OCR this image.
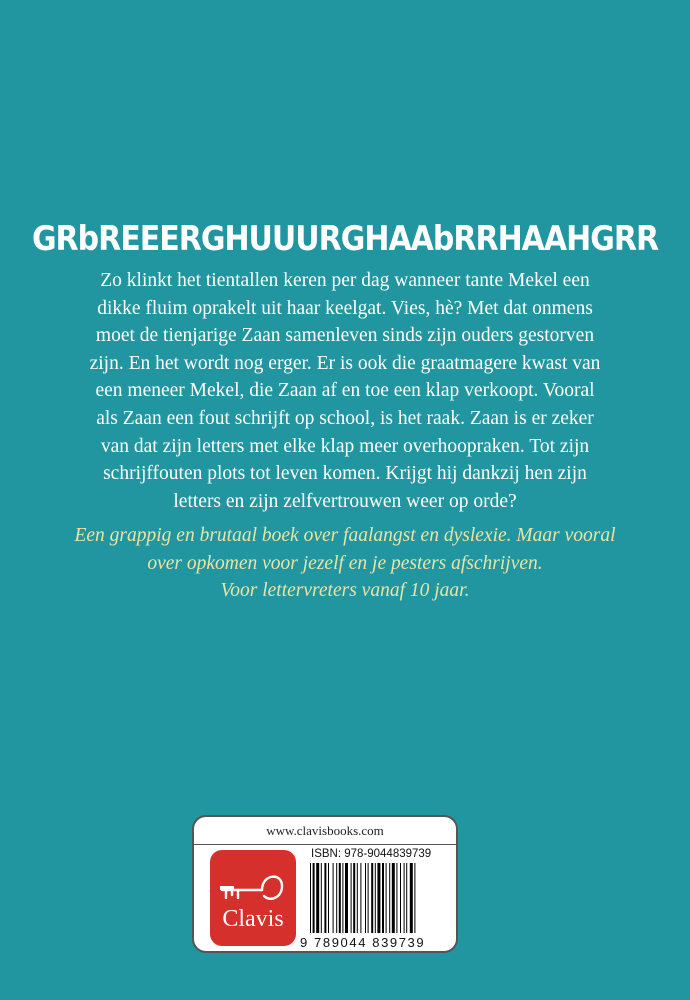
GRbREEERGHUUURGHAAbRRHAAHGRR

Zo klinkt het tientallen keren per dag wanneer tante Mekel een
dikke fluim oprakelt uit haar keelgat. Vies, hè? Met dat onmens
moet de tienjarige Zaan samenleven sinds zijn ouders gestorven
zijn. En het wordt nog erger. Er is ook die graatmagere kwast van
een meneer Mekel, die Zaan af en toe een klap verkoopt. Vooral
als Zaan een fout schrijft op school, is het raak. Zaan is er zeker
van dat zijn letters met elke klap meer overhoopraken. Tot zijn
schrijffouten plots tot leven komen. Krijgt hij dankzij hen zijn
letters en zijn zelfvertrouwen weer op orde?

Een grappig en brutaal boek over faalangst en dyslexie. Maar vooral
over opkomen voor jezelf en je pesters afschrijven.
Voor lettervreters vanaf 10 jaar.

www.clavisbooks.com
Clavis
ISBN: 978-9044839739
9 789044 839739
